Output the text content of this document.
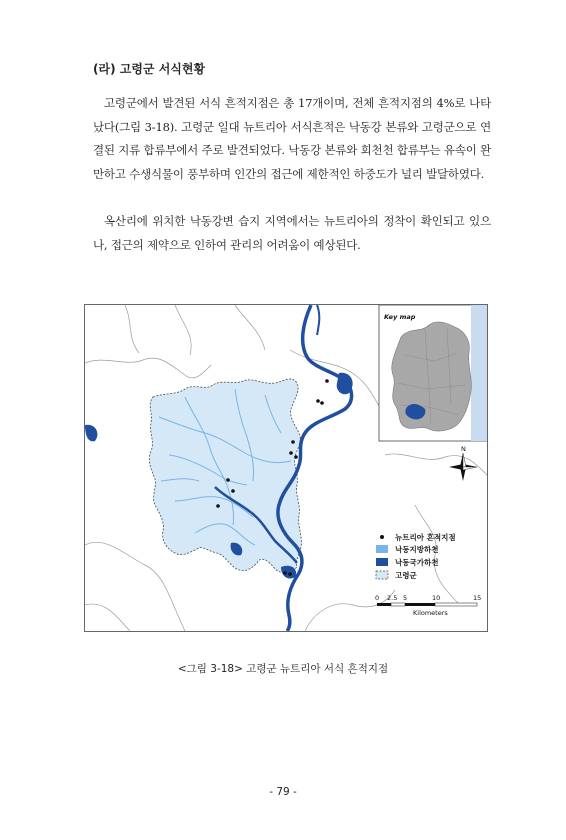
(라) 고령군 서식현황

고령군에서 발견된 서식 흔적지점은 총 17개이며, 전체 흔적지점의 4%로 나타났다(그림 3-18). 고령군 일대 뉴트리아 서식흔적은 낙동강 본류와 고령군으로 연결된 지류 합류부에서 주로 발견되었다. 낙동강 본류와 회천천 합류부는 유속이 완만하고 수생식물이 풍부하며 인간의 접근에 제한적인 하중도가 널리 발달하였다.

옥산리에 위치한 낙동강변 습지 지역에서는 뉴트리아의 정착이 확인되고 있으나, 접근의 제약으로 인하여 관리의 어려움이 예상된다.

Key map
N
뉴트리아 흔적지점
낙동지방하천
낙동국가하천
고령군
0 2.5 5	10	15
Kilometers
<그림 3-18> 고령군 뉴트리아 서식 흔적지점
- 79 -
